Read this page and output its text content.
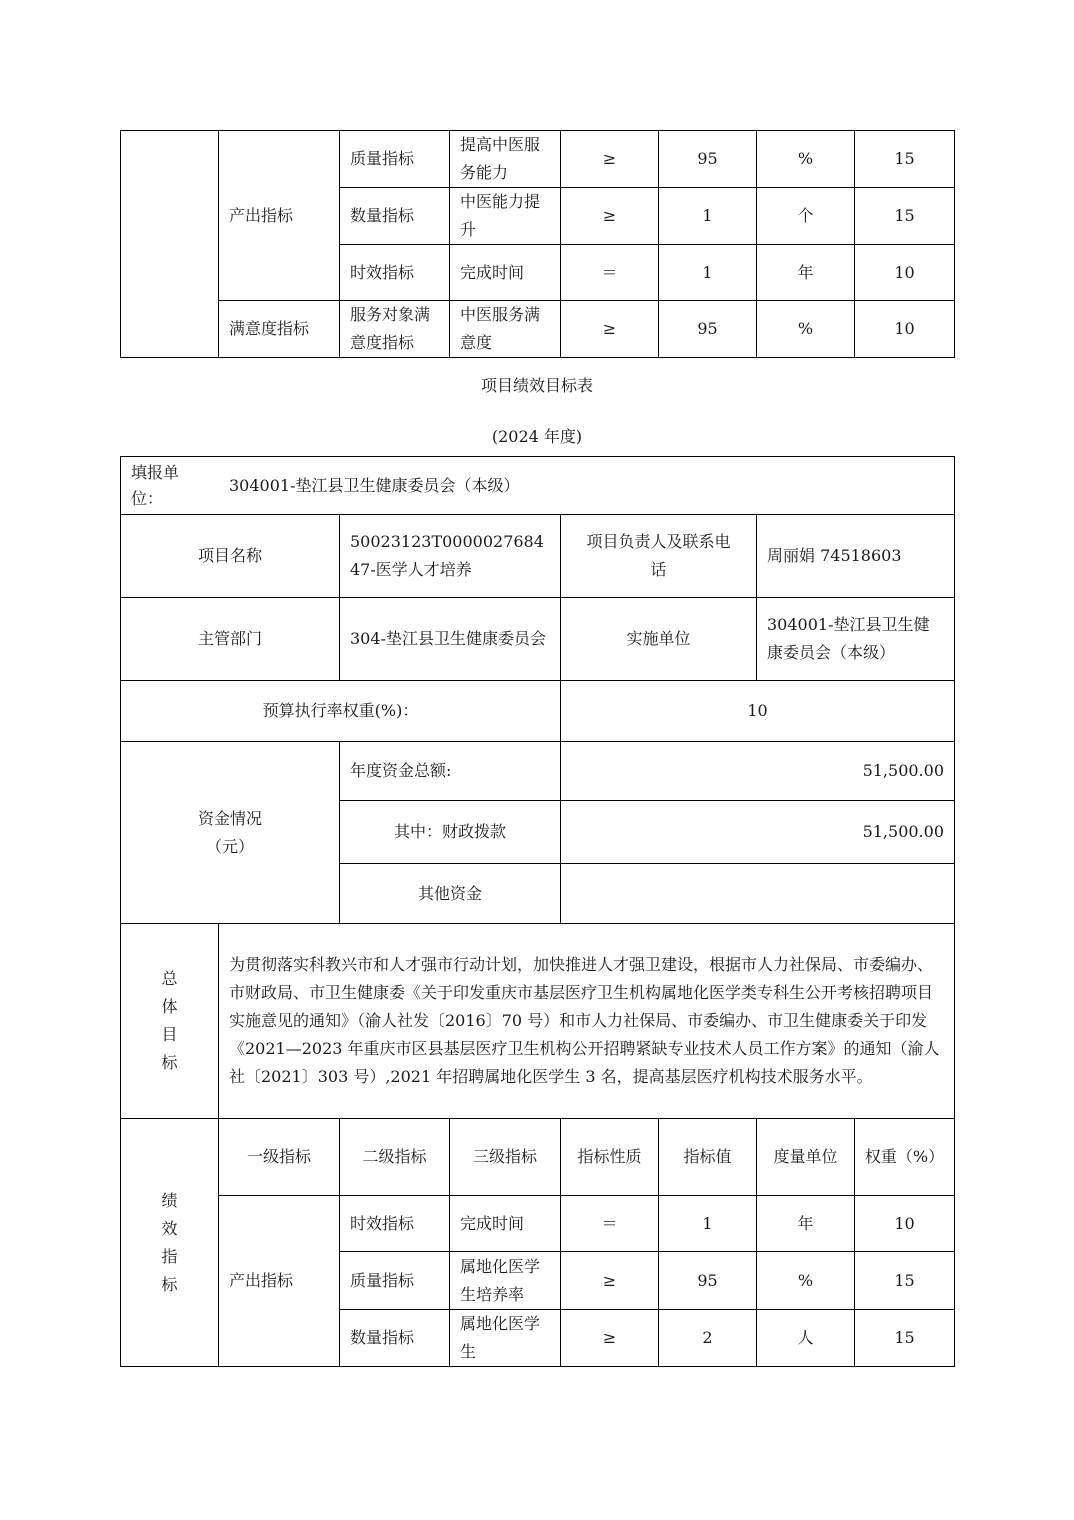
	产出指标	质量指标	提高中医服务能力	≥	95	%	15
		数量指标	中医能力提升	≥	1	个	15
		时效指标	完成时间	＝	1	年	10
	满意度指标	服务对象满意度指标	中医服务满意度	≥	95	%	10
项目绩效目标表
(2024 年度)
填报单位：
304001-垫江县卫生健康委员会（本级）							

项目名称		50023123T000002768447-医学人才培养		项目负责人及联系电话		周丽娟 74518603	
主管部门		304-垫江县卫生健康委员会		实施单位		304001-垫江县卫生健康委员会（本级）	
预算执行率权重(%)：				10			

资金情况（元）		年度资金总额:		51,500.00			
		其中：财政拨款		51,500.00			
		其他资金					

总体目标	为贯彻落实科教兴市和人才强市行动计划，加快推进人才强卫建设，根据市人力社保局、市委编办、市财政局、市卫生健康委《关于印发重庆市基层医疗卫生机构属地化医学类专科生公开考核招聘项目实施意见的通知》（渝人社发〔2016〕70 号）和市人力社保局、市委编办、市卫生健康委关于印发《2021—2023 年重庆市区县基层医疗卫生机构公开招聘紧缺专业技术人员工作方案》的通知（渝人社〔2021〕303 号）,2021 年招聘属地化医学生 3 名，提高基层医疗机构技术服务水平。						

绩效指标	一级指标	二级指标	三级指标	指标性质	指标值	度量单位	权重（%）
	产出指标	时效指标	完成时间	＝	1	年	10
		质量指标	属地化医学生培养率	≥	95	%	15
		数量指标	属地化医学生	≥	2	人	15
